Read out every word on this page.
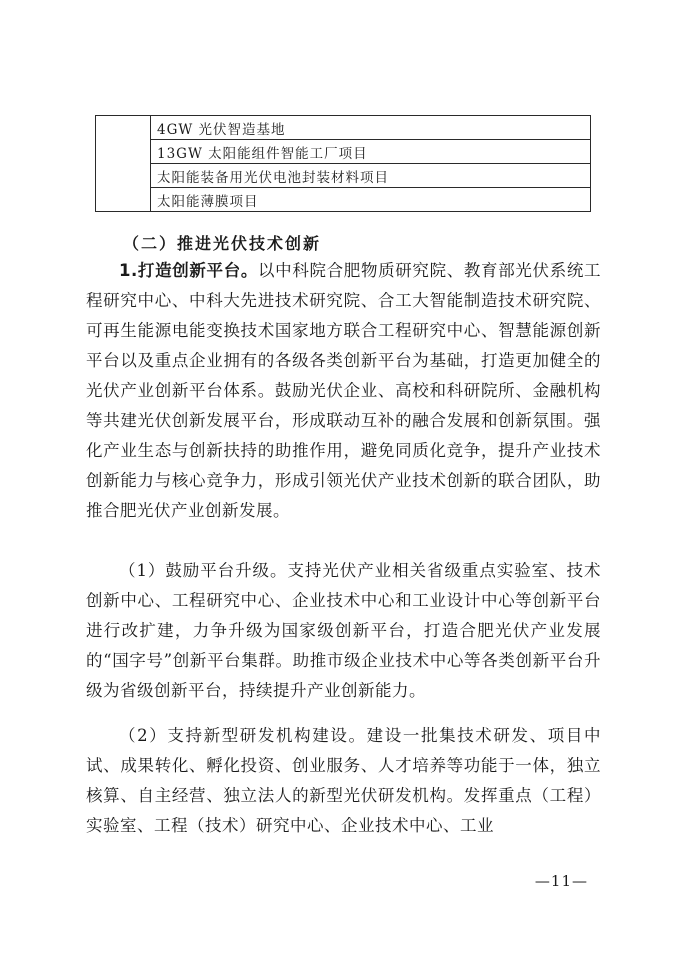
	4GW 光伏智造基地
13GW 太阳能组件智能工厂项目
太阳能装备用光伏电池封装材料项目
太阳能薄膜项目
（二）推进光伏技术创新

1.打造创新平台。以中科院合肥物质研究院、教育部光伏系统工程研究中心、中科大先进技术研究院、合工大智能制造技术研究院、可再生能源电能变换技术国家地方联合工程研究中心、智慧能源创新平台以及重点企业拥有的各级各类创新平台为基础，打造更加健全的光伏产业创新平台体系。鼓励光伏企业、高校和科研院所、金融机构等共建光伏创新发展平台，形成联动互补的融合发展和创新氛围。强化产业生态与创新扶持的助推作用，避免同质化竞争，提升产业技术创新能力与核心竞争力，形成引领光伏产业技术创新的联合团队，助推合肥光伏产业创新发展。

（1）鼓励平台升级。支持光伏产业相关省级重点实验室、技术创新中心、工程研究中心、企业技术中心和工业设计中心等创新平台进行改扩建，力争升级为国家级创新平台，打造合肥光伏产业发展的“国字号”创新平台集群。助推市级企业技术中心等各类创新平台升级为省级创新平台，持续提升产业创新能力。

（2）支持新型研发机构建设。建设一批集技术研发、项目中试、成果转化、孵化投资、创业服务、人才培养等功能于一体，独立核算、自主经营、独立法人的新型光伏研发机构。发挥重点（工程）实验室、工程（技术）研究中心、企业技术中心、工业

—11—
